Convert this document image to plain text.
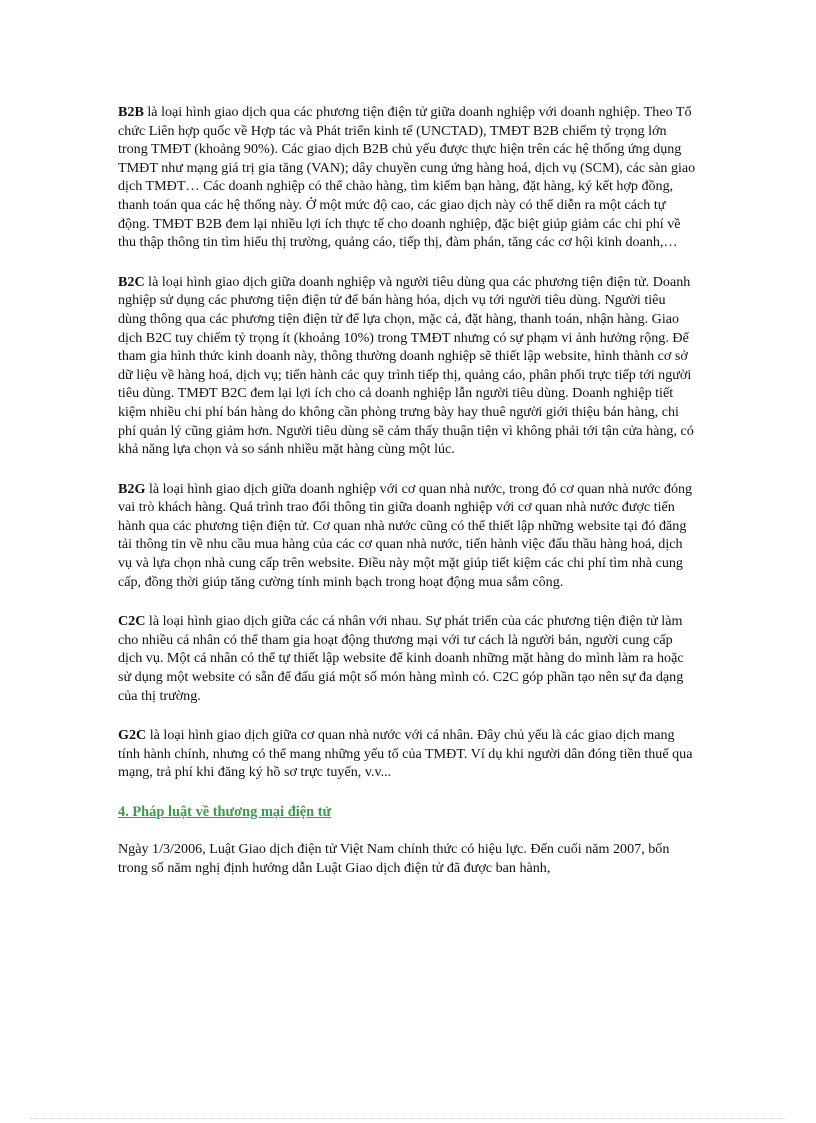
B2B là loại hình giao dịch qua các phương tiện điện tử giữa doanh nghiệp với doanh nghiệp. Theo Tổ chức Liên hợp quốc về Hợp tác và Phát triển kinh tế (UNCTAD), TMĐT B2B chiếm tỷ trọng lớn trong TMĐT (khoảng 90%). Các giao dịch B2B chủ yếu được thực hiện trên các hệ thống ứng dụng TMĐT như mạng giá trị gia tăng (VAN); dây chuyền cung ứng hàng hoá, dịch vụ (SCM), các sàn giao dịch TMĐT… Các doanh nghiệp có thể chào hàng, tìm kiếm bạn hàng, đặt hàng, ký kết hợp đồng, thanh toán qua các hệ thống này. Ở một mức độ cao, các giao dịch này có thể diễn ra một cách tự động. TMĐT B2B đem lại nhiều lợi ích thực tế cho doanh nghiệp, đặc biệt giúp giảm các chi phí về thu thập thông tin tìm hiểu thị trường, quảng cáo, tiếp thị, đàm phán, tăng các cơ hội kinh doanh,…

B2C là loại hình giao dịch giữa doanh nghiệp và người tiêu dùng qua các phương tiện điện tử. Doanh nghiệp sử dụng các phương tiện điện tử để bán hàng hóa, dịch vụ tới người tiêu dùng. Người tiêu dùng thông qua các phương tiện điện tử để lựa chọn, mặc cả, đặt hàng, thanh toán, nhận hàng. Giao dịch B2C tuy chiếm tỷ trọng ít (khoảng 10%) trong TMĐT nhưng có sự phạm vi ảnh hưởng rộng. Để tham gia hình thức kinh doanh này, thông thường doanh nghiệp sẽ thiết lập website, hình thành cơ sở dữ liệu về hàng hoá, dịch vụ; tiến hành các quy trình tiếp thị, quảng cáo, phân phối trực tiếp tới người tiêu dùng. TMĐT B2C đem lại lợi ích cho cả doanh nghiệp lẫn người tiêu dùng. Doanh nghiệp tiết kiệm nhiều chi phí bán hàng do không cần phòng trưng bày hay thuê người giới thiệu bán hàng, chi phí quản lý cũng giảm hơn. Người tiêu dùng sẽ cảm thấy thuận tiện vì không phải tới tận cửa hàng, có khả năng lựa chọn và so sánh nhiều mặt hàng cùng một lúc.

B2G là loại hình giao dịch giữa doanh nghiệp với cơ quan nhà nước, trong đó cơ quan nhà nước đóng vai trò khách hàng. Quá trình trao đổi thông tin giữa doanh nghiệp với cơ quan nhà nước được tiến hành qua các phương tiện điện tử. Cơ quan nhà nước cũng có thể thiết lập những website tại đó đăng tải thông tin về nhu cầu mua hàng của các cơ quan nhà nước, tiến hành việc đấu thầu hàng hoá, dịch vụ và lựa chọn nhà cung cấp trên website. Điều này một mặt giúp tiết kiệm các chi phí tìm nhà cung cấp, đồng thời giúp tăng cường tính minh bạch trong hoạt động mua sắm công.

C2C là loại hình giao dịch giữa các cá nhân với nhau. Sự phát triển của các phương tiện điện tử làm cho nhiều cá nhân có thể tham gia hoạt động thương mại với tư cách là người bán, người cung cấp dịch vụ. Một cá nhân có thể tự thiết lập website để kinh doanh những mặt hàng do mình làm ra hoặc sử dụng một website có sẵn để đấu giá một số món hàng mình có. C2C góp phần tạo nên sự đa dạng của thị trường.

G2C là loại hình giao dịch giữa cơ quan nhà nước với cá nhân. Đây chủ yếu là các giao dịch mang tính hành chính, nhưng có thể mang những yếu tố của TMĐT. Ví dụ khi người dân đóng tiền thuế qua mạng, trả phí khi đăng ký hồ sơ trực tuyến, v.v...

4. Pháp luật về thương mại điện tử

Ngày 1/3/2006, Luật Giao dịch điện tử Việt Nam chính thức có hiệu lực. Đến cuối năm 2007, bốn trong số năm nghị định hướng dẫn Luật Giao dịch điện tử đã được ban hành,
